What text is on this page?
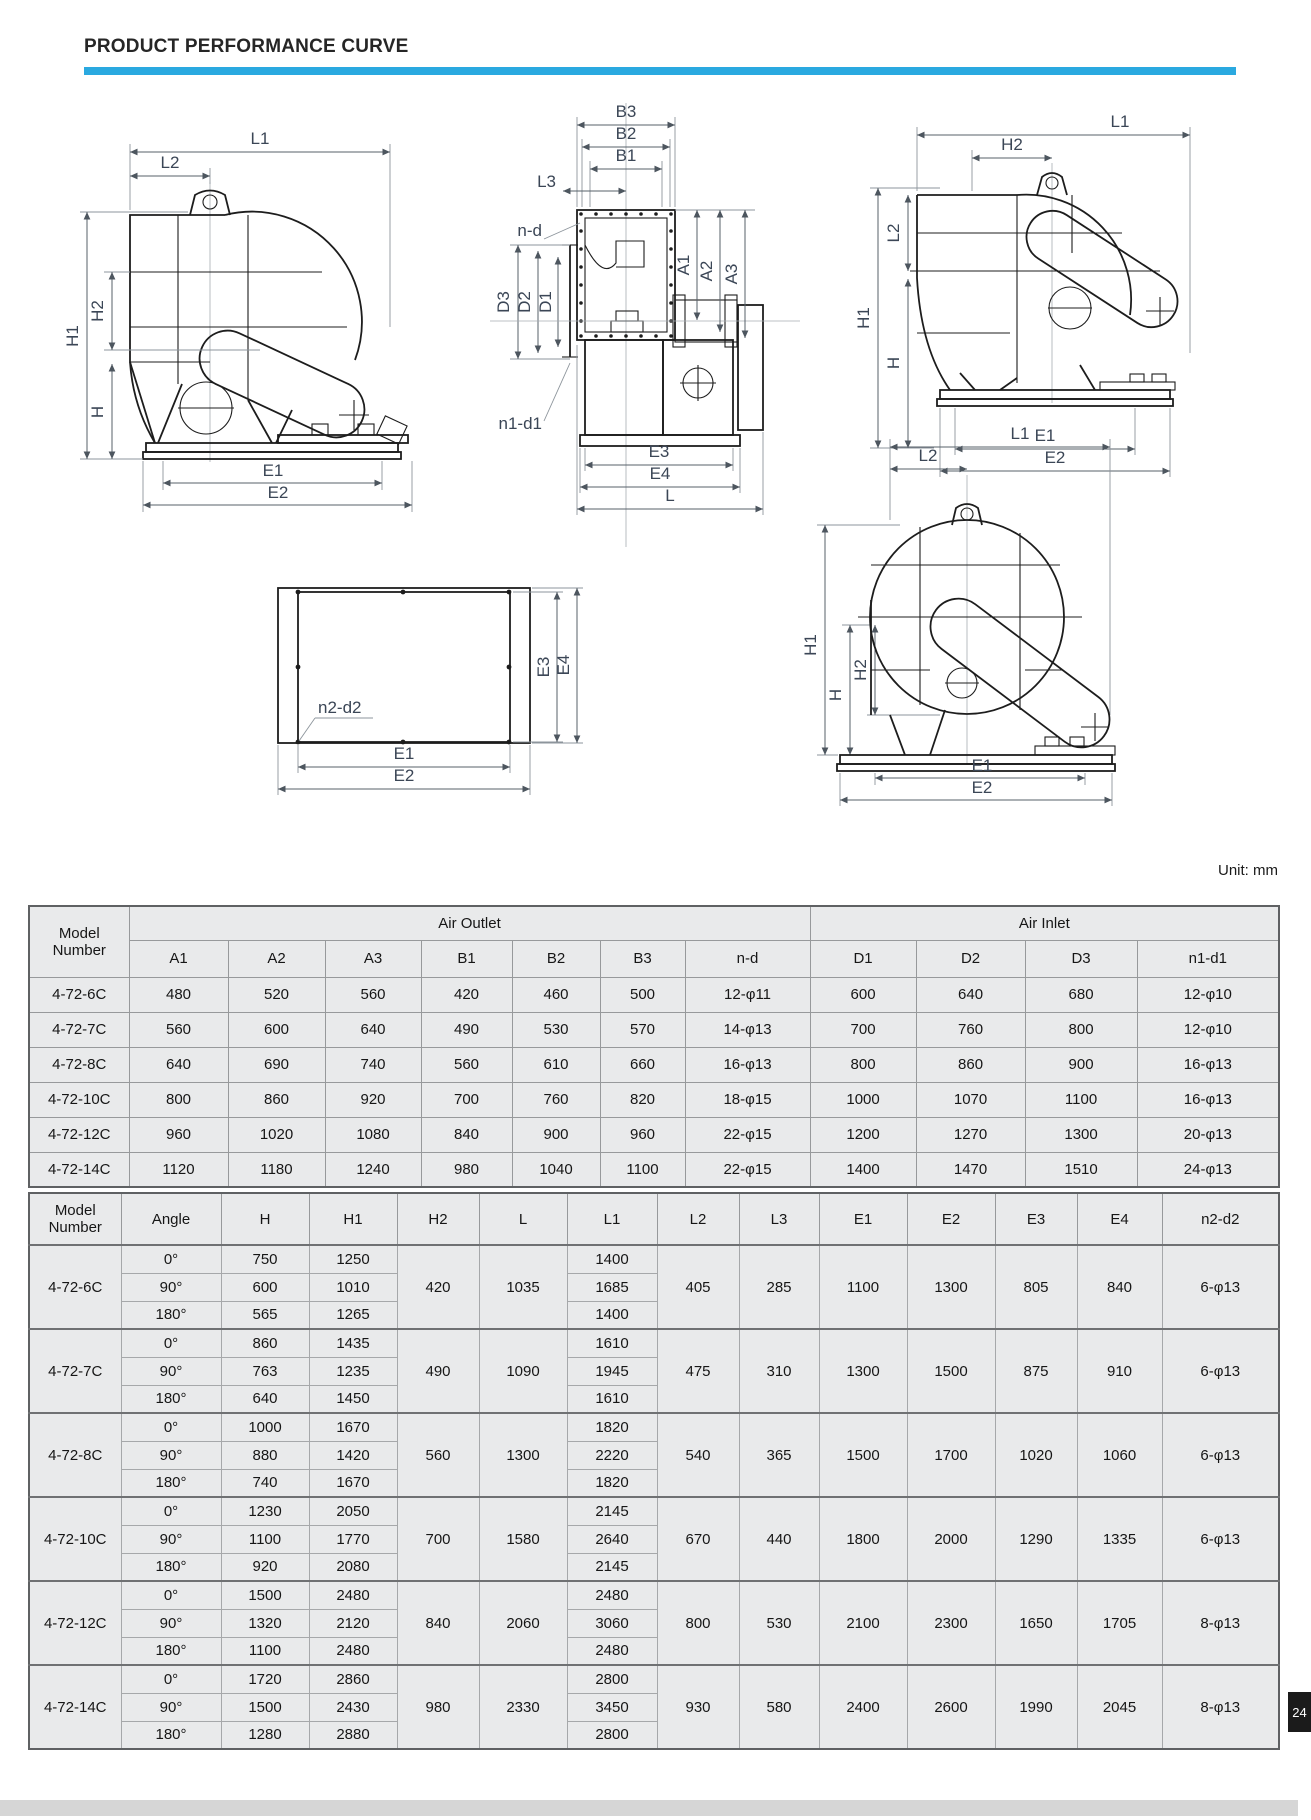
PRODUCT PERFORMANCE CURVE
L1
L2
H1
H2
H
E1
E2
B3
B2
B1
L3
n-d
D3 D2 D1
n1-d1
A1 A2 A3
E3
E4
L
L1
H2
H1
L2
H
E1
E2
n2-d2
E1
E2
E3 E4
L1
L2
H1
H
H2
E1
E2
Unit: mm
Model Number	Air Outlet							Air Inlet			
	A1	A2	A3	B1	B2	B3	n-d	D1	D2	D3	n1-d1
4-72-6C	480	520	560	420	460	500	12-φ11	600	640	680	12-φ10
4-72-7C	560	600	640	490	530	570	14-φ13	700	760	800	12-φ10
4-72-8C	640	690	740	560	610	660	16-φ13	800	860	900	16-φ13
4-72-10C	800	860	920	700	760	820	18-φ15	1000	1070	1100	16-φ13
4-72-12C	960	1020	1080	840	900	960	22-φ15	1200	1270	1300	20-φ13
4-72-14C	1120	1180	1240	980	1040	1100	22-φ15	1400	1470	1510	24-φ13
Model Number	Angle	H	H1	H2	L	L1	L2	L3	E1	E2	E3	E4	n2-d2
4-72-6C	0°	750	1250	420	1035	1400	405	285	1100	1300	805	840	6-φ13
	90°	600	1010			1685							
	180°	565	1265			1400							
4-72-7C	0°	860	1435	490	1090	1610	475	310	1300	1500	875	910	6-φ13
	90°	763	1235			1945							
	180°	640	1450			1610							
4-72-8C	0°	1000	1670	560	1300	1820	540	365	1500	1700	1020	1060	6-φ13
	90°	880	1420			2220							
	180°	740	1670			1820							
4-72-10C	0°	1230	2050	700	1580	2145	670	440	1800	2000	1290	1335	6-φ13
	90°	1100	1770			2640							
	180°	920	2080			2145							
4-72-12C	0°	1500	2480	840	2060	2480	800	530	2100	2300	1650	1705	8-φ13
	90°	1320	2120			3060							
	180°	1100	2480			2480							
4-72-14C	0°	1720	2860	980	2330	2800	930	580	2400	2600	1990	2045	8-φ13
	90°	1500	2430			3450							
	180°	1280	2880			2800							
24
